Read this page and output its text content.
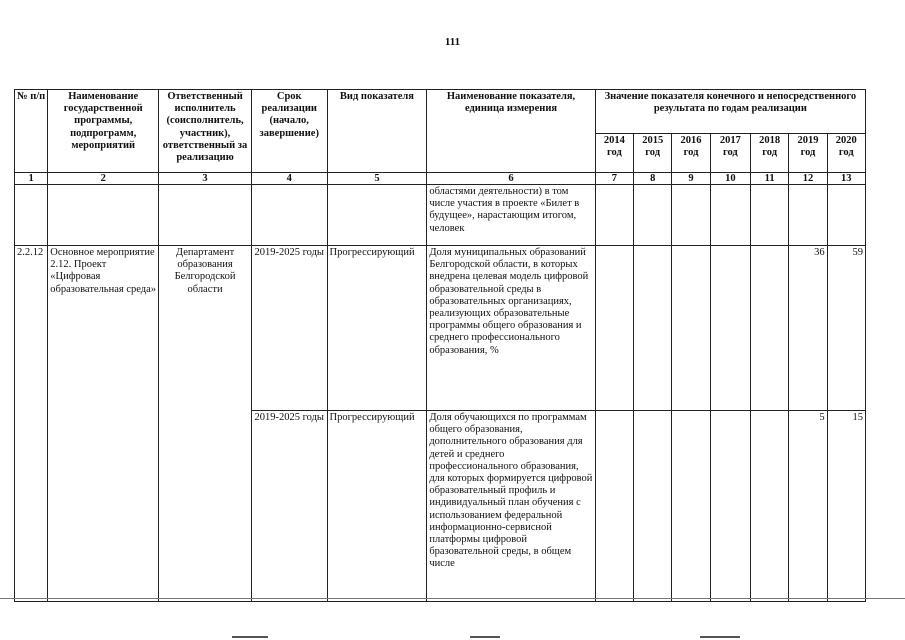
111
№ п/п	Наименование государственной программы, подпрограмм, мероприятий	Ответственный исполнитель (соисполнитель, участник), ответственный за реализацию	Срок реализации (начало, завершение)	Вид показателя	Наименование показателя, единица измерения	Значение показателя конечного и непосредственного результата по годам реализации						
						2014 год	2015 год	2016 год	2017 год	2018 год	2019 год	2020 год
1	2	3	4	5	6	7	8	9	10	11	12	13
					областями деятельности) в том числе участия в проекте «Билет в будущее», нарастающим итогом, человек							
2.2.12	Основное мероприятие 2.12. Проект «Цифровая образовательная среда»	Департамент образования Белгородской области	2019-2025 годы	Прогрессирующий	Доля муниципальных образований Белгородской области, в которых внедрена целевая модель цифровой образовательной среды в образовательных организациях, реализующих образовательные программы общего образования и среднего профессионального образования, %						36	59
			2019-2025 годы	Прогрессирующий	Доля обучающихся по программам общего образования, дополнительного образования для детей и среднего профессионального образования, для которых формируется цифровой образовательный профиль и индивидуальный план обучения с использованием федеральной информационно-сервисной платформы цифровой бразовательной среды, в общем числе						5	15
